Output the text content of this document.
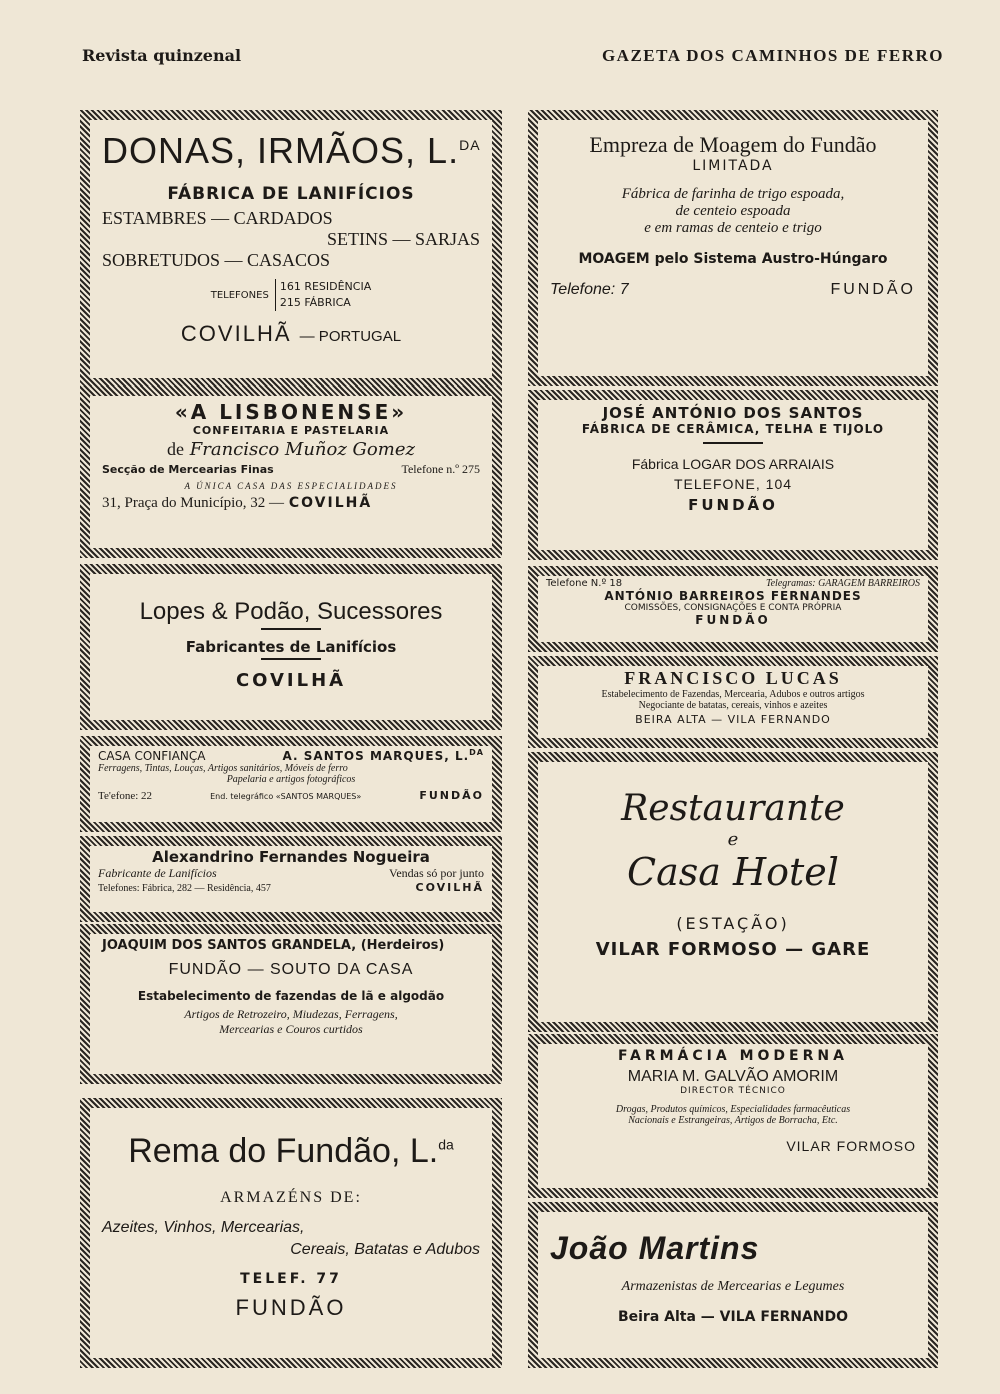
Revista quinzenal	GAZETA DOS CAMINHOS DE FERRO
DONAS, IRMÃOS, L.$^{DA}$
FÁBRICA DE LANIFÍCIOS
ESTAMBRES — CARDADOS
SETINS — SARJAS
SOBRETUDOS — CASACOS
TELEFONES
161 RESIDÊNCIA
215 FÁBRICA
COVILHÃ — PORTUGAL
«A LISBONENSE»
CONFEITARIA E PASTELARIA
de Francisco Muñoz Gomez
Secção de Mercearias Finas	Telefone n.º 275
A ÚNICA CASA DAS ESPECIALIDADES
31, Praça do Município, 32 — COVILHÃ
Lopes & Podão, Sucessores
Fabricantes de Lanifícios
COVILHÃ
CASA CONFIANÇA	A. SANTOS MARQUES, L.$^{DA}$
Ferragens, Tintas, Louças, Artigos sanitários, Móveis de ferro
Papelaria e artigos fotográficos
Te'efone: 22	End. telegráfico «SANTOS MARQUES»	FUNDÃO
Alexandrino Fernandes Nogueira
Fabricante de Lanifícios	Vendas só por junto
Telefones: Fábrica, 282 — Residência, 457	COVILHÃ
JOAQUIM DOS SANTOS GRANDELA, (Herdeiros)
FUNDÃO — SOUTO DA CASA
Estabelecimento de fazendas de lã e algodão
Artigos de Retrozeiro, Miudezas, Ferragens,
Mercearias e Couros curtidos
Rema do Fundão, L.$^{da}$
ARMAZÉNS DE:
Azeites, Vinhos, Mercearias,
Cereais, Batatas e Adubos
TELEF. 77
FUNDÃO
Empreza de Moagem do Fundão
LIMITADA
Fábrica de farinha de trigo espoada,
de centeio espoada
e em ramas de centeio e trigo
MOAGEM pelo Sistema Austro-Húngaro
Telefone: 7	FUNDÃO
JOSÉ ANTÓNIO DOS SANTOS
FÁBRICA DE CERÂMICA, TELHA E TIJOLO
Fábrica LOGAR DOS ARRAIAIS
TELEFONE, 104
FUNDÃO
Telefone N.º 18	Telegramas: GARAGEM BARREIROS
ANTÓNIO BARREIROS FERNANDES
COMISSÕES, CONSIGNAÇÕES E CONTA PRÓPRIA
FUNDÃO
FRANCISCO LUCAS
Estabelecimento de Fazendas, Mercearia, Adubos e outros artigos
Negociante de batatas, cereais, vinhos e azeites
BEIRA ALTA — VILA FERNANDO
Restaurante
e
Casa Hotel
(ESTAÇÃO)
VILAR FORMOSO — GARE
FARMÁCIA MODERNA
MARIA M. GALVÃO AMORIM
DIRECTOR TÉCNICO
Drogas, Produtos químicos, Especialidades farmacêuticas
Nacionais e Estrangeiras, Artigos de Borracha, Etc.
VILAR FORMOSO
João Martins
Armazenistas de Mercearias e Legumes
Beira Alta — VILA FERNANDO
